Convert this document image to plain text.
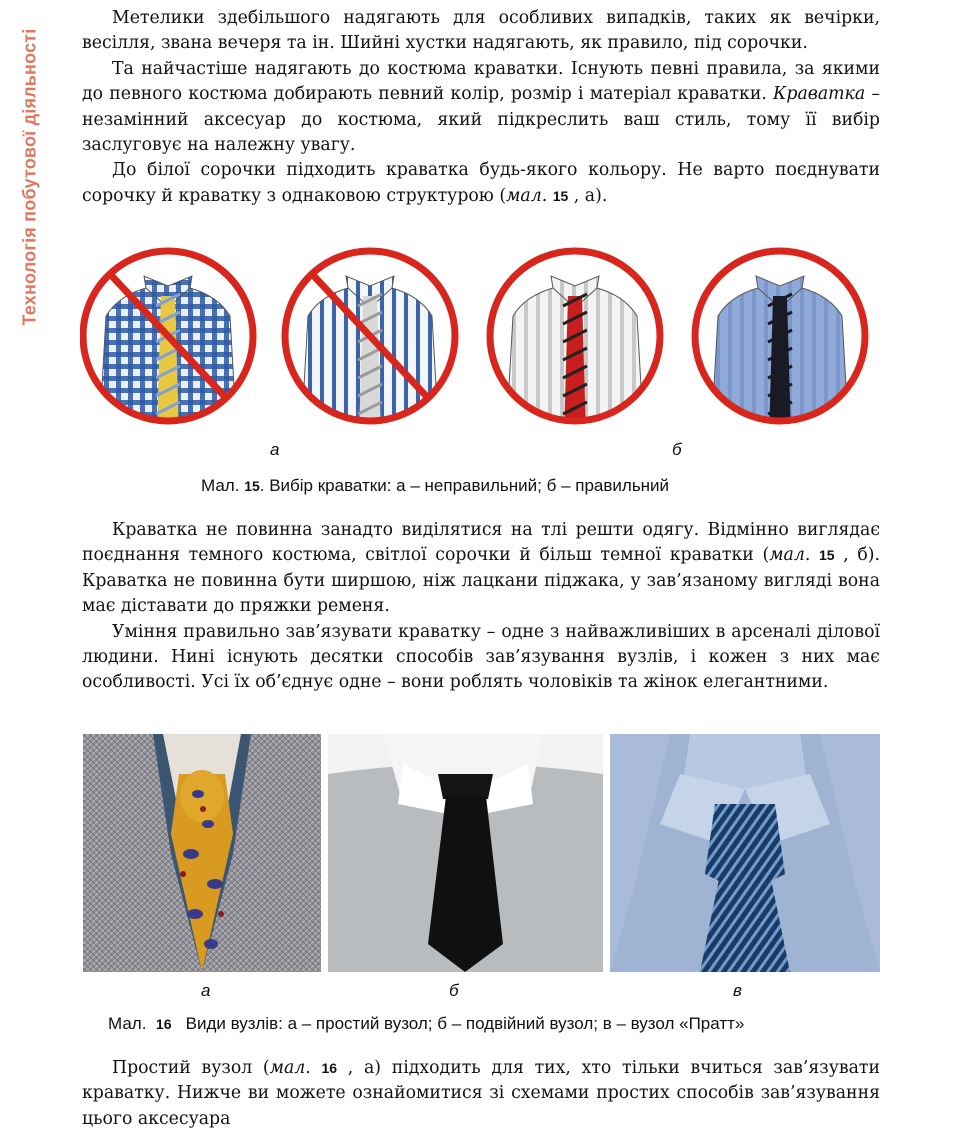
Технологія побутової діяльності

Метелики здебільшого надягають для особливих випадків, таких як вечірки, весілля, звана вечеря та ін. Шийні хустки надягають, як правило, під сорочки.

Та найчастіше надягають до костюма краватки. Існують певні правила, за якими до певного костюма добирають певний колір, розмір і матеріал краватки. Краватка – незамінний аксесуар до костюма, який підкреслить ваш стиль, тому її вибір заслуговує на належну увагу.

До білої сорочки підходить краватка будь-якого кольору. Не варто поєднувати сорочку й краватку з однаковою структурою (мал. 15 , а).

а	б
Мал. 15. Вибір краватки: а – неправильний; б – правильний

Краватка не повинна занадто виділятися на тлі решти одягу. Відмінно виглядає поєднання темного костюма, світлої сорочки й більш темної краватки (мал. 15 , б). Краватка не повинна бути ширшою, ніж лацкани піджака, у зав’язаному вигляді вона має діставати до пряжки ременя.

Уміння правильно зав’язувати краватку – одне з найважливіших в арсеналі ділової людини. Нині існують десятки способів зав’язування вузлів, і кожен з них має особливості. Усі їх об’єднує одне – вони роблять чоловіків та жінок елегантними.

а	б	в
Мал. 16 Види вузлів: а – простий вузол; б – подвійний вузол; в – вузол «Пратт»

Простий вузол (мал. 16 , а) підходить для тих, хто тільки вчиться зав’язувати краватку. Нижче ви можете ознайомитися зі схемами простих способів зав’язування цього аксесуара
